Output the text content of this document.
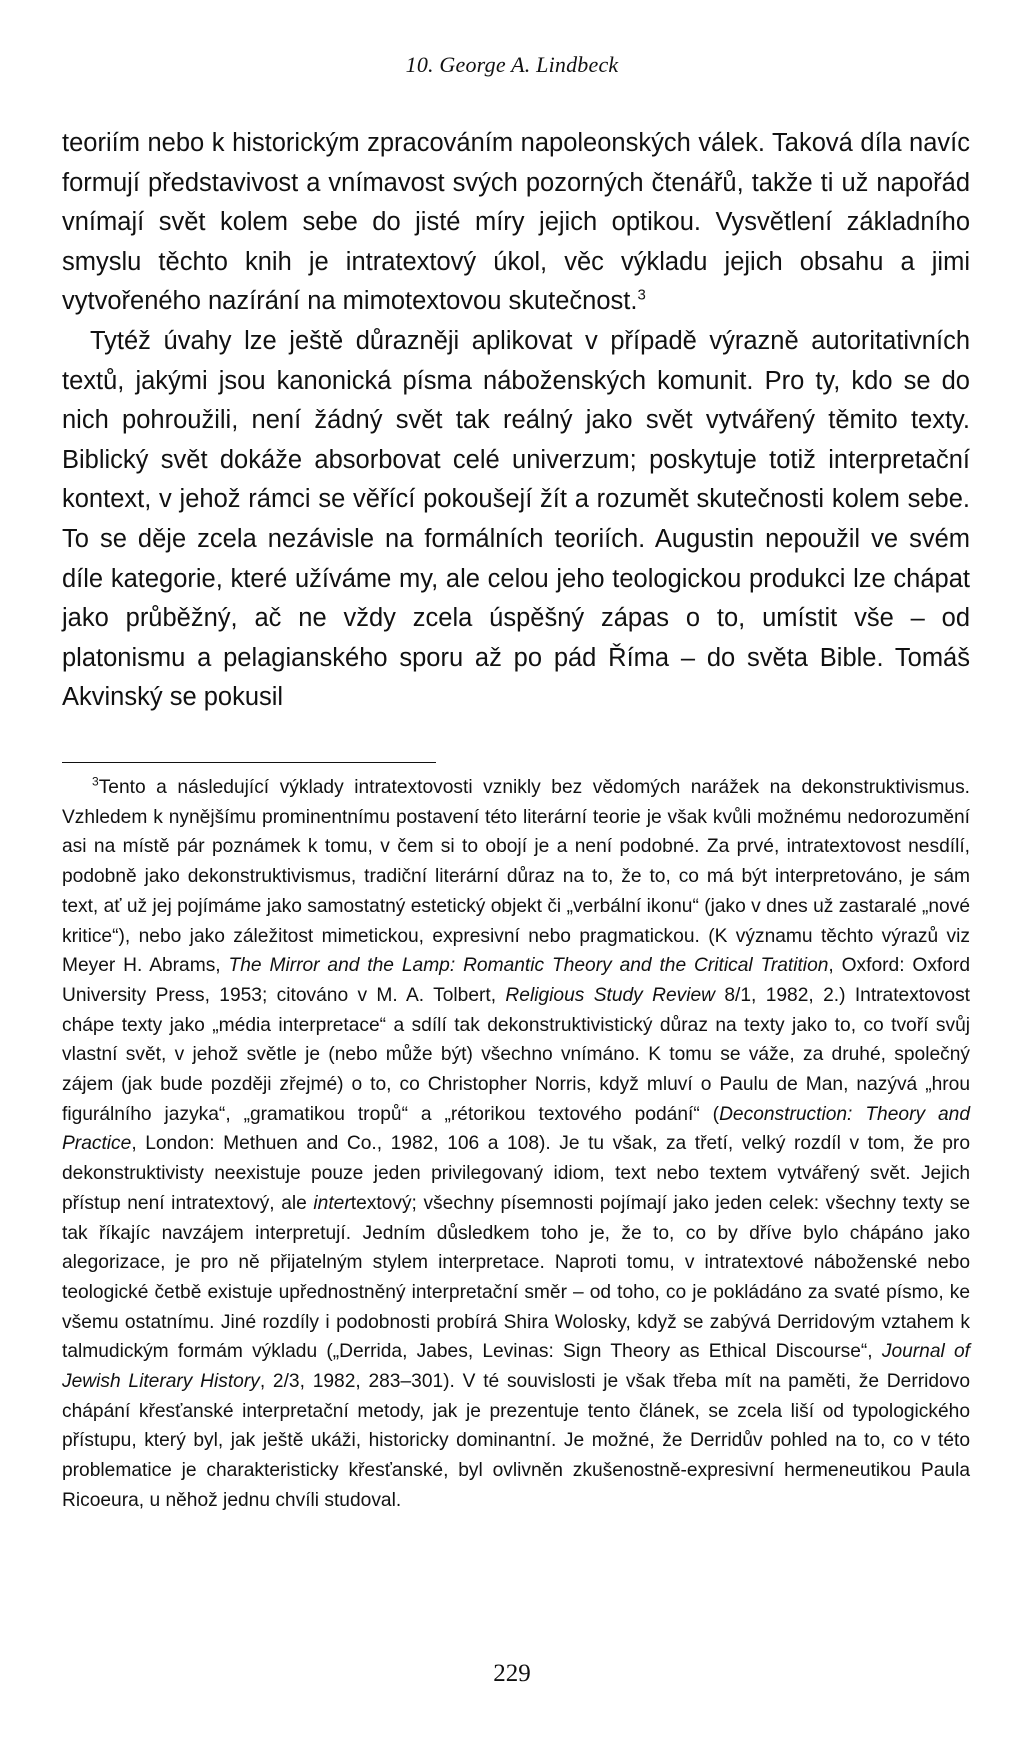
10. George A. Lindbeck

teoriím nebo k historickým zpracováním napoleonských válek. Taková díla navíc formují představivost a vnímavost svých pozorných čtenářů, takže ti už napořád vnímají svět kolem sebe do jisté míry jejich optikou. Vysvětlení základního smyslu těchto knih je intratextový úkol, věc výkladu jejich obsahu a jimi vytvořeného nazírání na mimotextovou skutečnost.$^3$

Tytéž úvahy lze ještě důrazněji aplikovat v případě výrazně autoritativních textů, jakými jsou kanonická písma náboženských komunit. Pro ty, kdo se do nich pohroužili, není žádný svět tak reálný jako svět vytvářený těmito texty. Biblický svět dokáže absorbovat celé univerzum; poskytuje totiž interpretační kontext, v jehož rámci se věřící pokoušejí žít a rozumět skutečnosti kolem sebe. To se děje zcela nezávisle na formálních teoriích. Augustin nepoužil ve svém díle kategorie, které užíváme my, ale celou jeho teologickou produkci lze chápat jako průběžný, ač ne vždy zcela úspěšný zápas o to, umístit vše – od platonismu a pelagianského sporu až po pád Říma – do světa Bible. Tomáš Akvinský se pokusil

$^3$Tento a následující výklady intratextovosti vznikly bez vědomých narážek na dekonstruktivismus. Vzhledem k nynějšímu prominentnímu postavení této literární teorie je však kvůli možnému nedorozumění asi na místě pár poznámek k tomu, v čem si to obojí je a není podobné. Za prvé, intratextovost nesdílí, podobně jako dekonstruktivismus, tradiční literární důraz na to, že to, co má být interpretováno, je sám text, ať už jej pojímáme jako samostatný estetický objekt či „verbální ikonu“ (jako v dnes už zastaralé „nové kritice“), nebo jako záležitost mimetickou, expresivní nebo pragmatickou. (K významu těchto výrazů viz Meyer H. Abrams, The Mirror and the Lamp: Romantic Theory and the Critical Tratition, Oxford: Oxford University Press, 1953; citováno v M. A. Tolbert, Religious Study Review 8/1, 1982, 2.) Intratextovost chápe texty jako „média interpretace“ a sdílí tak dekonstruktivistický důraz na texty jako to, co tvoří svůj vlastní svět, v jehož světle je (nebo může být) všechno vnímáno. K tomu se váže, za druhé, společný zájem (jak bude později zřejmé) o to, co Christopher Norris, když mluví o Paulu de Man, nazývá „hrou figurálního jazyka“, „gramatikou tropů“ a „rétorikou textového podání“ (Deconstruction: Theory and Practice, London: Methuen and Co., 1982, 106 a 108). Je tu však, za třetí, velký rozdíl v tom, že pro dekonstruktivisty neexistuje pouze jeden privilegovaný idiom, text nebo textem vytvářený svět. Jejich přístup není intratextový, ale intertextový; všechny písemnosti pojímají jako jeden celek: všechny texty se tak říkajíc navzájem interpretují. Jedním důsledkem toho je, že to, co by dříve bylo chápáno jako alegorizace, je pro ně přijatelným stylem interpretace. Naproti tomu, v intratextové náboženské nebo teologické četbě existuje upřednostněný interpretační směr – od toho, co je pokládáno za svaté písmo, ke všemu ostatnímu. Jiné rozdíly i podobnosti probírá Shira Wolosky, když se zabývá Derridovým vztahem k talmudickým formám výkladu („Derrida, Jabes, Levinas: Sign Theory as Ethical Discourse“, Journal of Jewish Literary History, 2/3, 1982, 283–301). V té souvislosti je však třeba mít na paměti, že Derridovo chápání křesťanské interpretační metody, jak je prezentuje tento článek, se zcela liší od typologického přístupu, který byl, jak ještě ukáži, historicky dominantní. Je možné, že Derridův pohled na to, co v této problematice je charakteristicky křesťanské, byl ovlivněn zkušenostně-expresivní hermeneutikou Paula Ricoeura, u něhož jednu chvíli studoval.

229
